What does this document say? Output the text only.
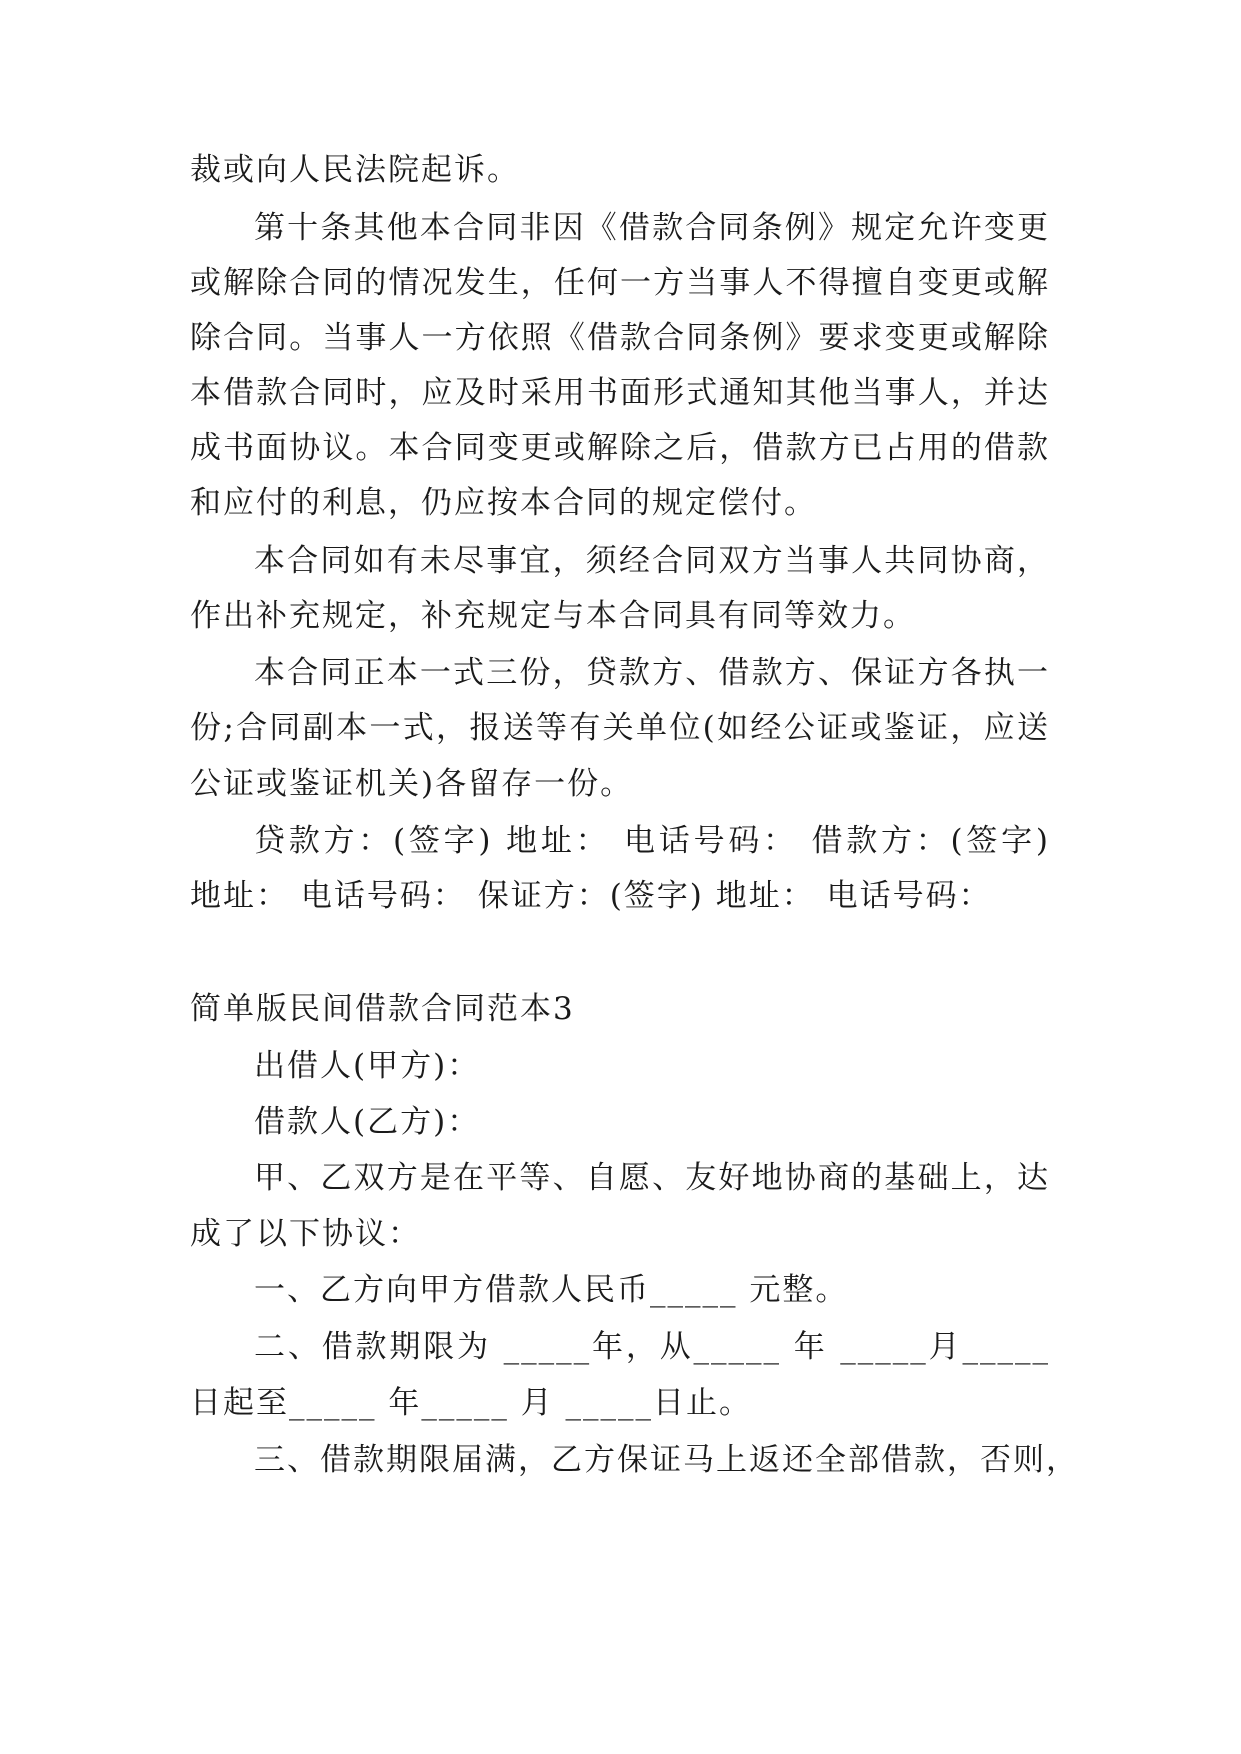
裁或向人民法院起诉。
第十条其他本合同非因《借款合同条例》规定允许变更
或解除合同的情况发生，任何一方当事人不得擅自变更或解
除合同。当事人一方依照《借款合同条例》要求变更或解除
本借款合同时，应及时采用书面形式通知其他当事人，并达
成书面协议。本合同变更或解除之后，借款方已占用的借款
和应付的利息，仍应按本合同的规定偿付。
本合同如有未尽事宜，须经合同双方当事人共同协商，
作出补充规定，补充规定与本合同具有同等效力。
本合同正本一式三份，贷款方、借款方、保证方各执一
份;合同副本一式，报送等有关单位(如经公证或鉴证，应送
公证或鉴证机关)各留存一份。
贷款方：(签字) 地址： 电话号码： 借款方：(签字)
地址： 电话号码： 保证方：(签字) 地址： 电话号码：
简单版民间借款合同范本3
出借人(甲方)：
借款人(乙方)：
甲、乙双方是在平等、自愿、友好地协商的基础上，达
成了以下协议：
一、乙方向甲方借款人民币_____ 元整。
二、借款期限为 _____年，从_____ 年 _____月_____
日起至_____ 年_____ 月 _____日止。
三、借款期限届满，乙方保证马上返还全部借款，否则，
